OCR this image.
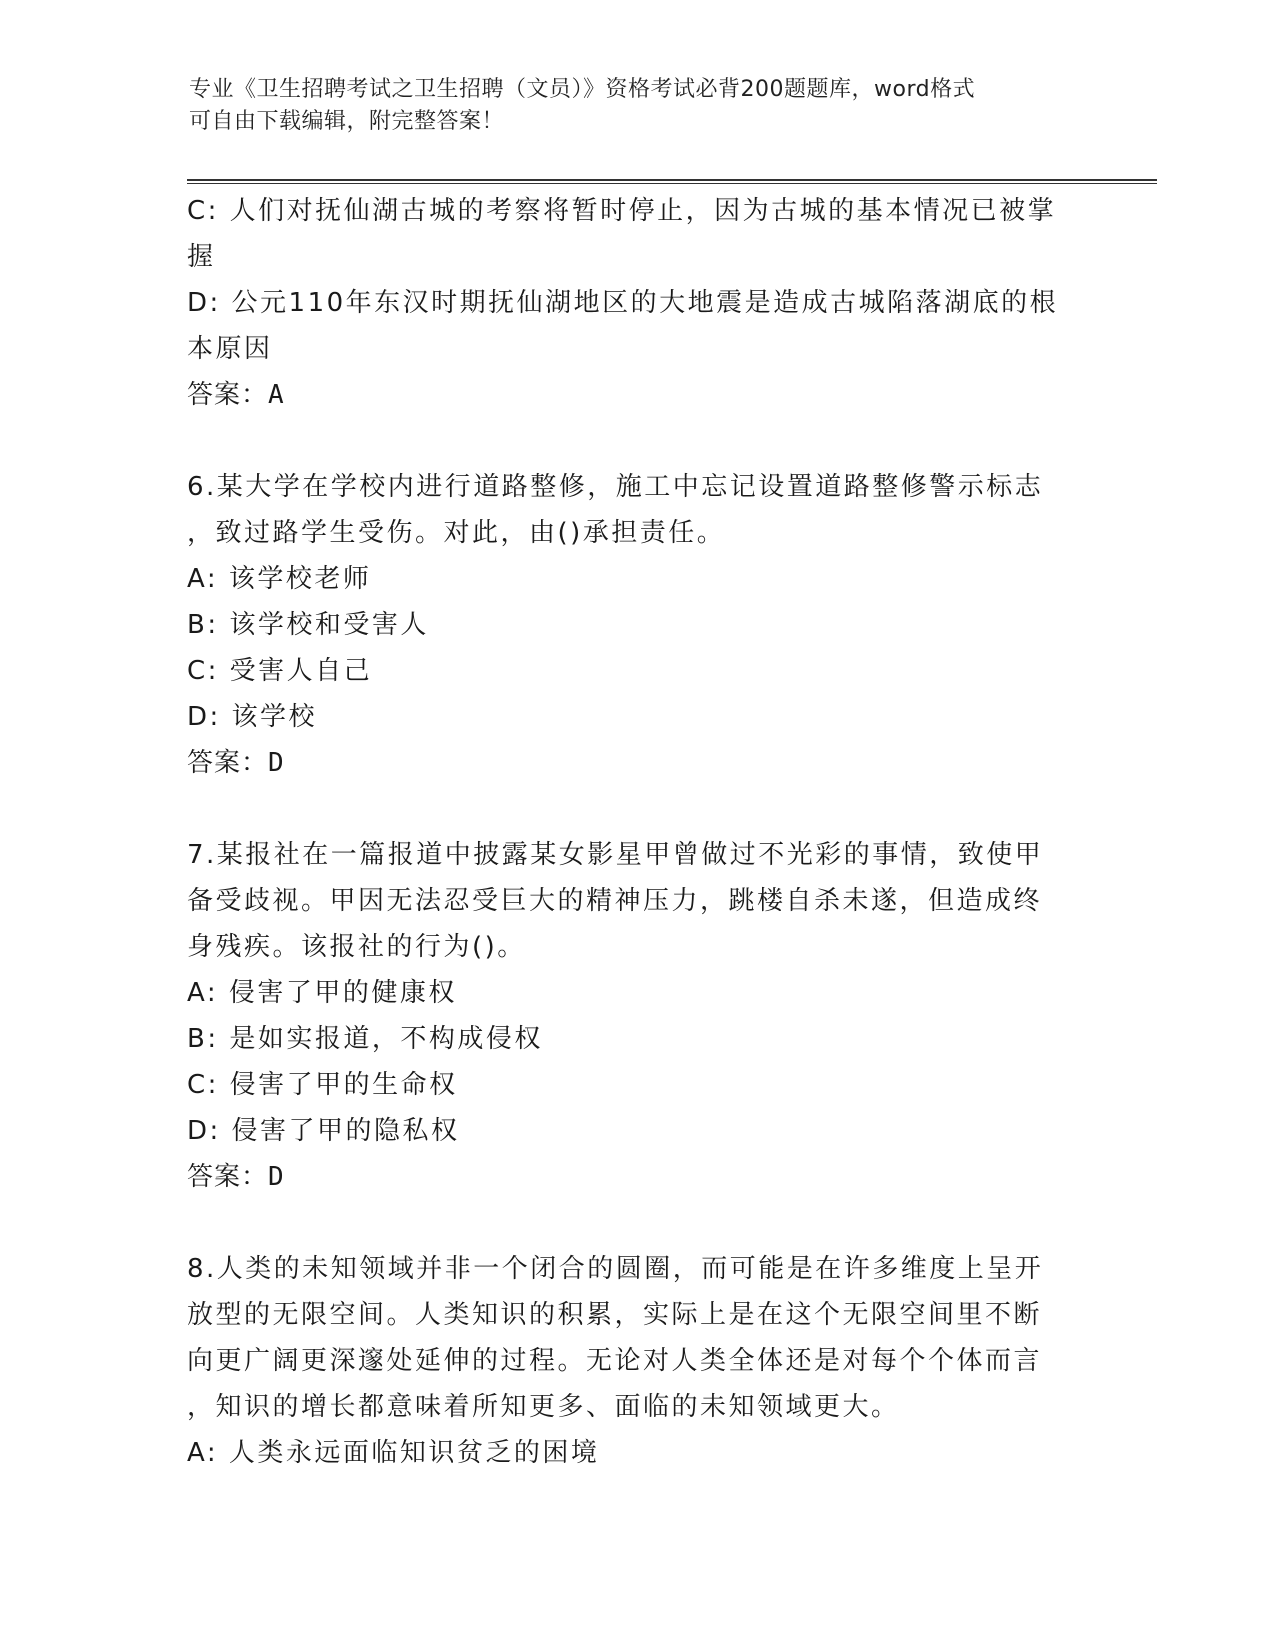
专业《卫生招聘考试之卫生招聘（文员）》资格考试必背200题题库，word格式
可自由下载编辑，附完整答案！
C: 人们对抚仙湖古城的考察将暂时停止，因为古城的基本情况已被掌
握
D: 公元110年东汉时期抚仙湖地区的大地震是造成古城陷落湖底的根
本原因
答案：A
6.某大学在学校内进行道路整修，施工中忘记设置道路整修警示标志
，致过路学生受伤。对此，由()承担责任。
A: 该学校老师
B: 该学校和受害人
C: 受害人自己
D: 该学校
答案：D
7.某报社在一篇报道中披露某女影星甲曾做过不光彩的事情，致使甲
备受歧视。甲因无法忍受巨大的精神压力，跳楼自杀未遂，但造成终
身残疾。该报社的行为()。
A: 侵害了甲的健康权
B: 是如实报道，不构成侵权
C: 侵害了甲的生命权
D: 侵害了甲的隐私权
答案：D
8.人类的未知领域并非一个闭合的圆圈，而可能是在许多维度上呈开
放型的无限空间。人类知识的积累，实际上是在这个无限空间里不断
向更广阔更深邃处延伸的过程。无论对人类全体还是对每个个体而言
，知识的增长都意味着所知更多、面临的未知领域更大。
A: 人类永远面临知识贫乏的困境
